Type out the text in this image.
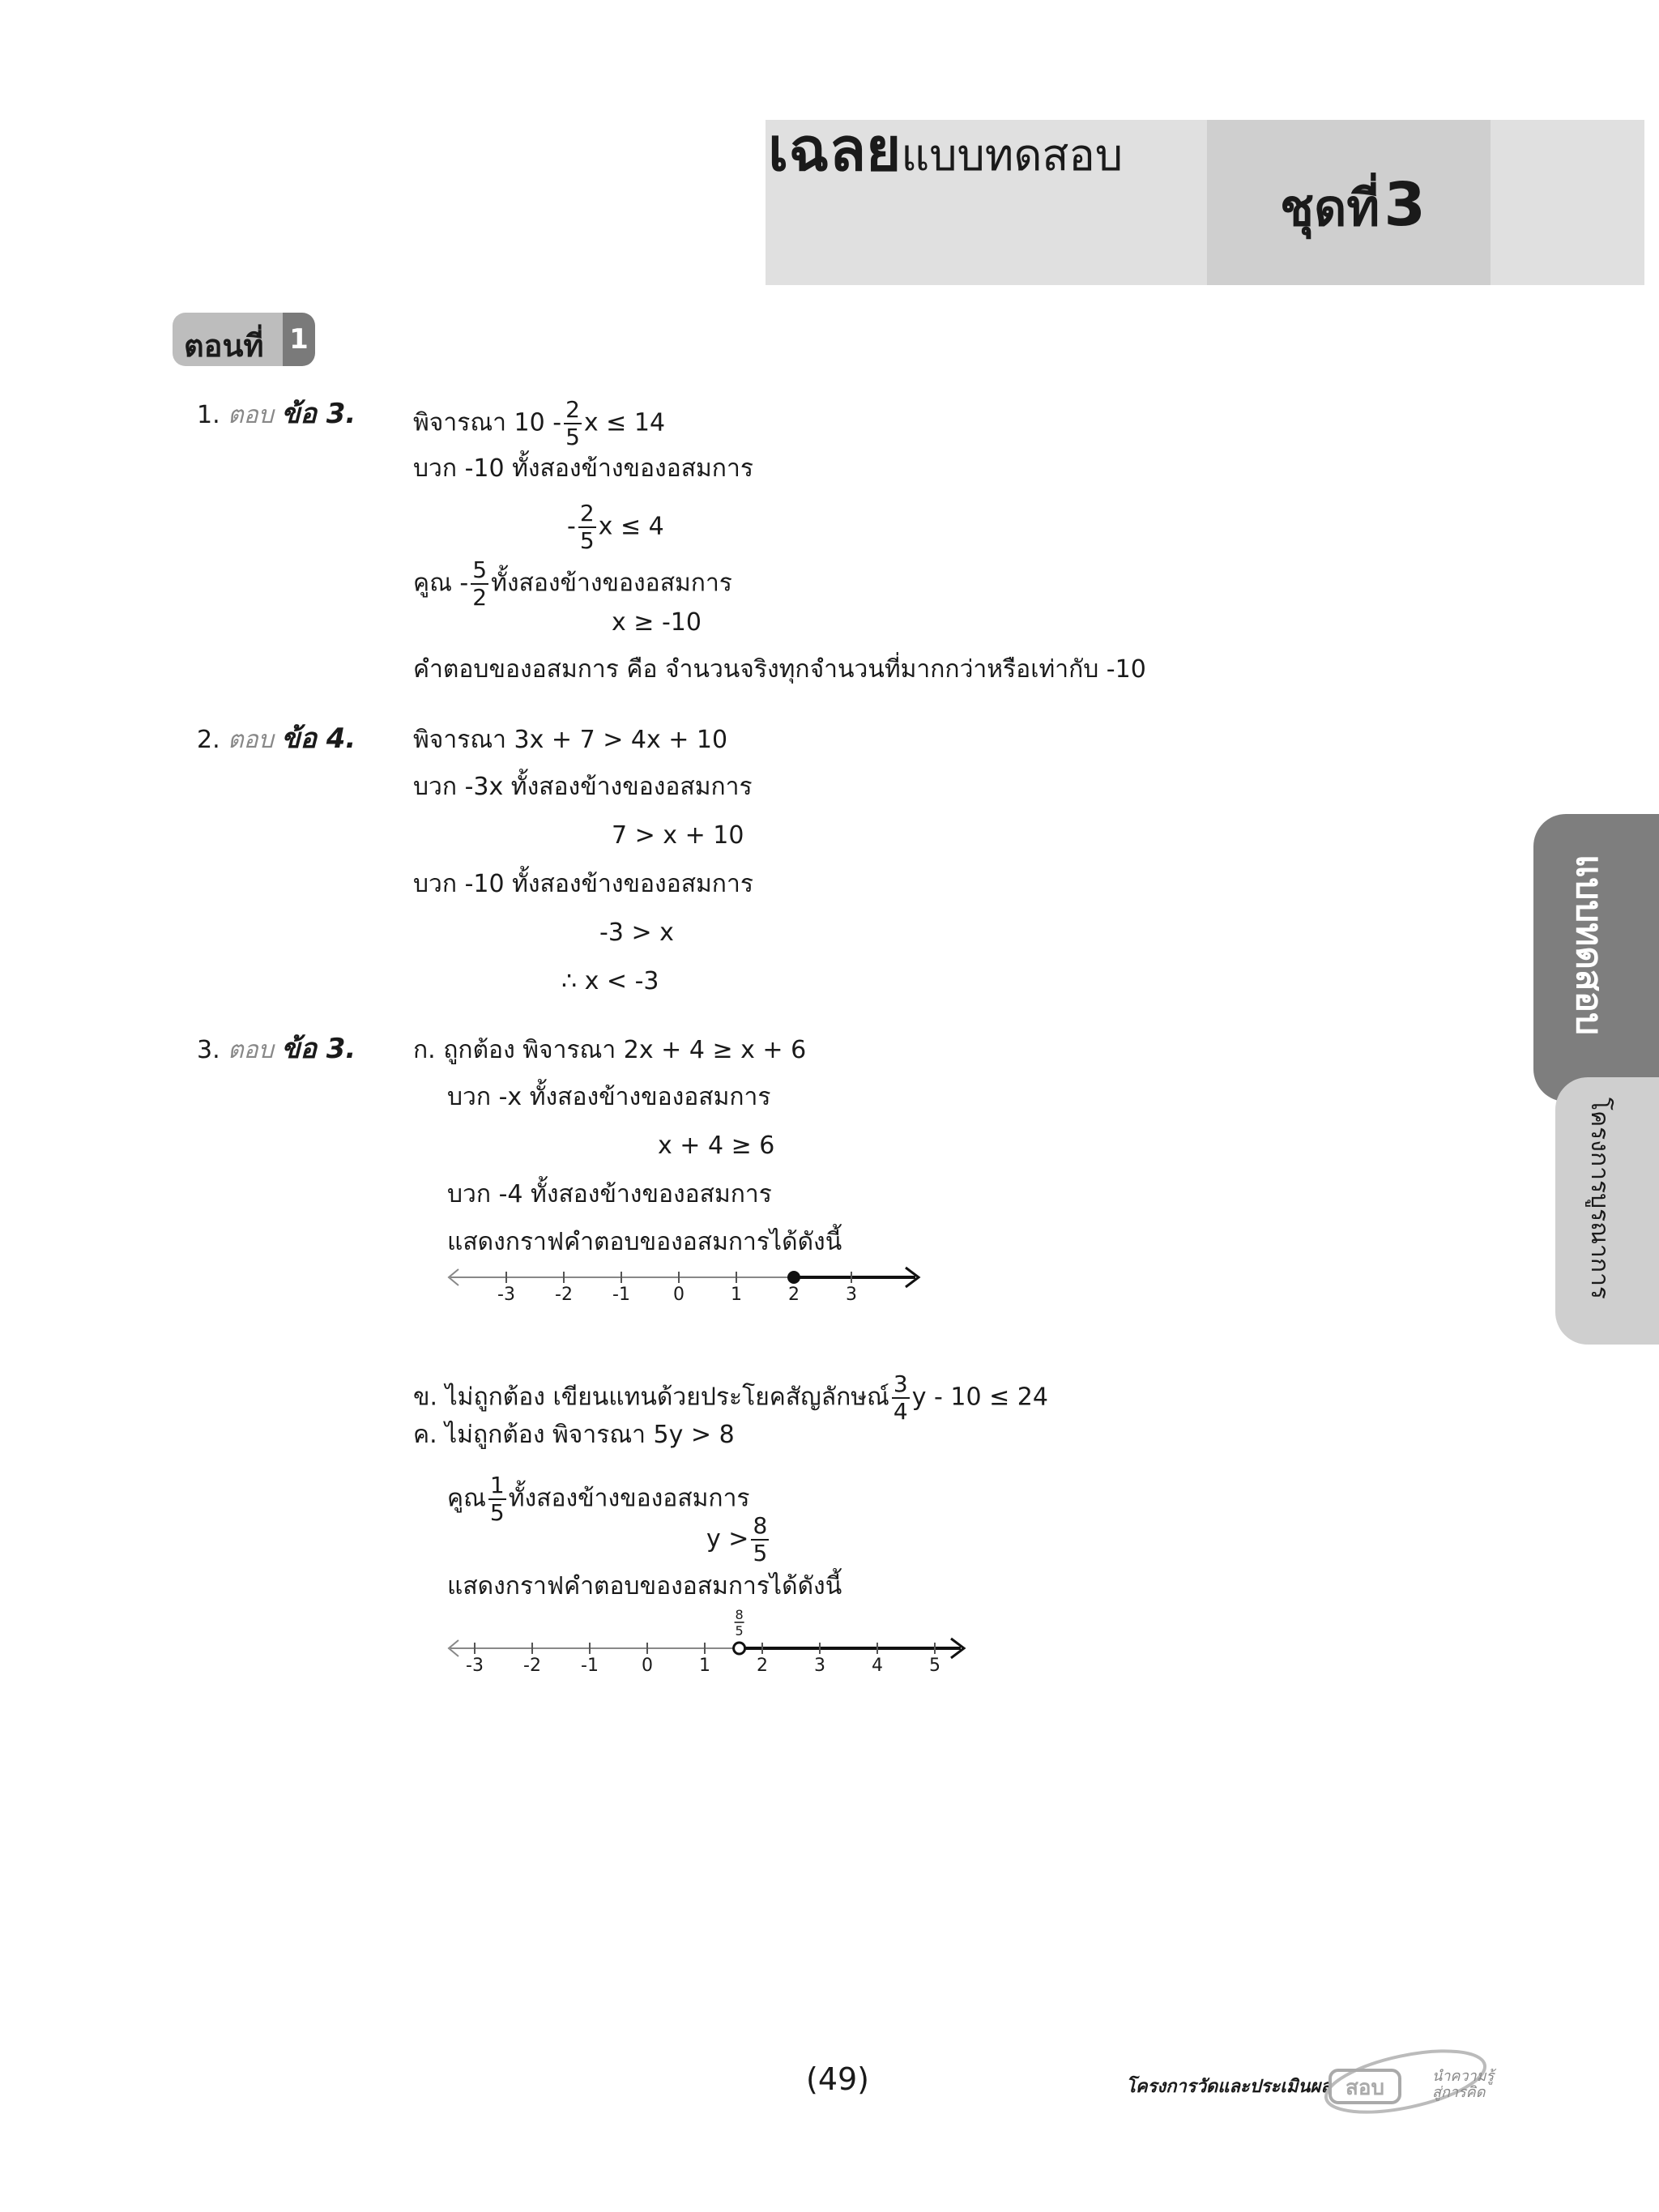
เฉลยแบบทดสอบ
ชุดที่ 3
ตอนที่ 1
แบบทดสอบ
โครงการบูรณาการ
1. ตอบ ข้อ 3. พิจารณา $10 - \frac{2}{5}$ x ≤ 14
บวก -10 ทั้งสองข้างของอสมการ
- $\frac{2}{5}$ x ≤ 4
คูณ - $\frac{5}{2}$ ทั้งสองข้างของอสมการ
x ≥ -10
คำตอบของอสมการ คือ จำนวนจริงทุกจำนวนที่มากกว่าหรือเท่ากับ -10
2. ตอบ ข้อ 4. พิจารณา 3x + 7 > 4x + 10
บวก -3x ทั้งสองข้างของอสมการ
7 > x + 10
บวก -10 ทั้งสองข้างของอสมการ
-3 > x
∴ x < -3
3. ตอบ ข้อ 3. ก. ถูกต้อง พิจารณา 2x + 4 ≥ x + 6
บวก -x ทั้งสองข้างของอสมการ
x + 4 ≥ 6
บวก -4 ทั้งสองข้างของอสมการ
แสดงกราฟคำตอบของอสมการได้ดังนี้
-3 -2 -1 0	1	2	3
ข. ไม่ถูกต้อง เขียนแทนด้วยประโยคสัญลักษณ์ $\frac{3}{4}$ y - 10 ≤ 24
ค. ไม่ถูกต้อง พิจารณา 5y > 8
คูณ $\frac{1}{5}$ ทั้งสองข้างของอสมการ
$y > \frac{8}{5}$
แสดงกราฟคำตอบของอสมการได้ดังนี้
-3 -2 -1 0	1	2	3	4	5
8
5
(49)	โครงการวัดและประเมินผล สอบ	นำความรู้
สู่การคิด
